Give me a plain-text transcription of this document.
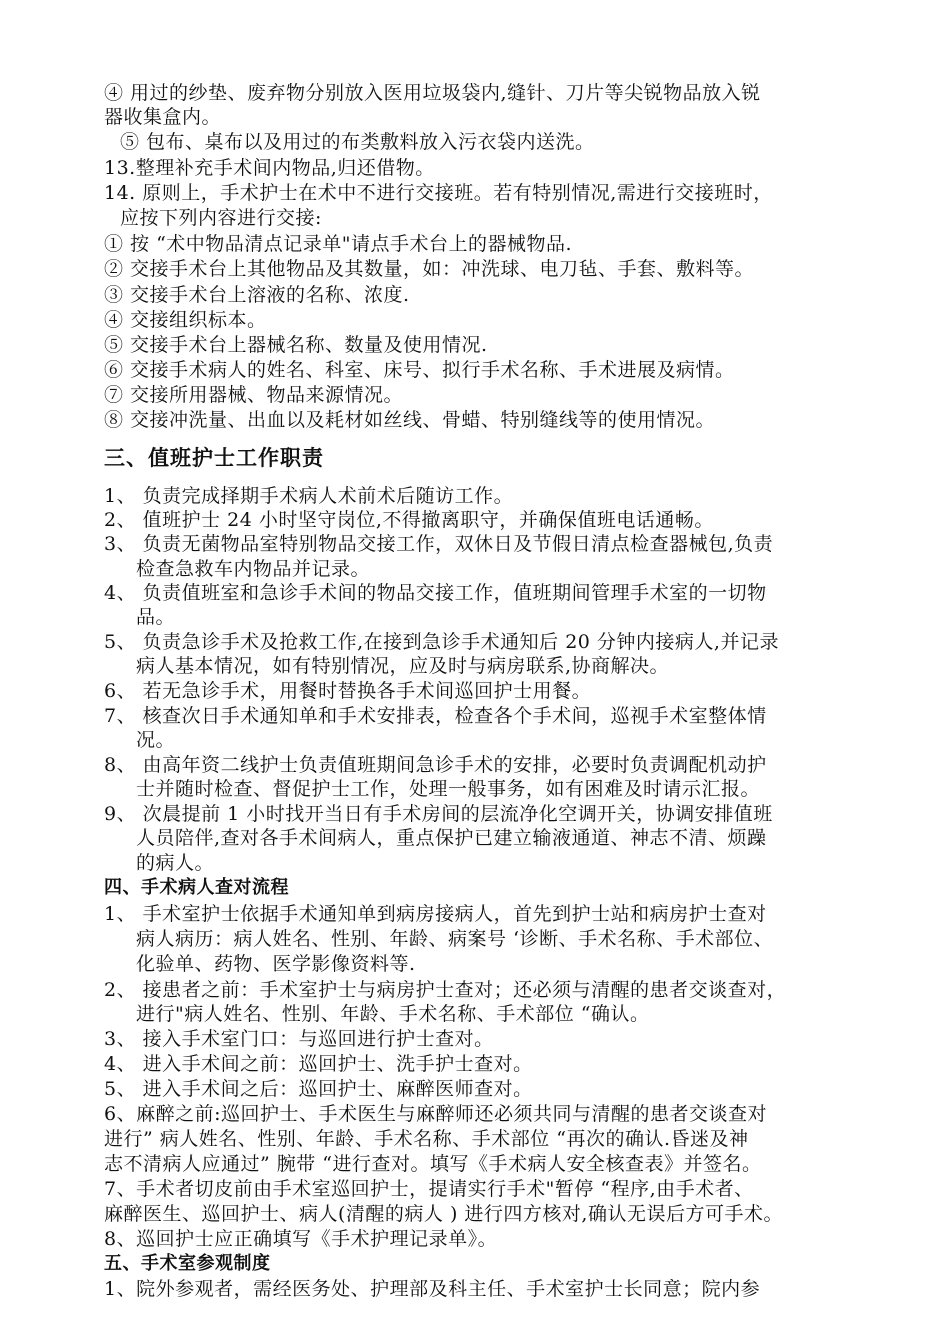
④ 用过的纱垫、废弃物分别放入医用垃圾袋内,缝针、刀片等尖锐物品放入锐
器收集盒内。
⑤ 包布、桌布以及用过的布类敷料放入污衣袋内送洗。
13.整理补充手术间内物品,归还借物。
14. 原则上，手术护士在术中不进行交接班。若有特别情况,需进行交接班时，
应按下列内容进行交接:
① 按 “术中物品清点记录单"请点手术台上的器械物品.
② 交接手术台上其他物品及其数量，如：冲洗球、电刀毡、手套、敷料等。
③ 交接手术台上溶液的名称、浓度.
④ 交接组织标本。
⑤ 交接手术台上器械名称、数量及使用情况.
⑥ 交接手术病人的姓名、科室、床号、拟行手术名称、手术进展及病情。
⑦ 交接所用器械、物品来源情况。
⑧ 交接冲洗量、出血以及耗材如丝线、骨蜡、特别缝线等的使用情况。
三、值班护士工作职责
1、 负责完成择期手术病人术前术后随访工作。
2、 值班护士 24 小时坚守岗位,不得撤离职守，并确保值班电话通畅。
3、 负责无菌物品室特别物品交接工作，双休日及节假日清点检查器械包,负责
检查急救车内物品并记录。
4、 负责值班室和急诊手术间的物品交接工作，值班期间管理手术室的一切物
品。
5、 负责急诊手术及抢救工作,在接到急诊手术通知后 20 分钟内接病人,并记录
病人基本情况，如有特别情况，应及时与病房联系,协商解决。
6、 若无急诊手术，用餐时替换各手术间巡回护士用餐。
7、 核查次日手术通知单和手术安排表，检查各个手术间，巡视手术室整体情
况。
8、 由高年资二线护士负责值班期间急诊手术的安排，必要时负责调配机动护
士并随时检查、督促护士工作，处理一般事务，如有困难及时请示汇报。
9、 次晨提前 1 小时找开当日有手术房间的层流净化空调开关，协调安排值班
人员陪伴,查对各手术间病人，重点保护已建立输液通道、神志不清、烦躁
的病人。
四、手术病人查对流程
1、 手术室护士依据手术通知单到病房接病人，首先到护士站和病房护士查对
病人病历：病人姓名、性别、年龄、病案号 ‘诊断、手术名称、手术部位、
化验单、药物、医学影像资料等.
2、 接患者之前：手术室护士与病房护士查对；还必须与清醒的患者交谈查对，
进行"病人姓名、性别、年龄、手术名称、手术部位 “确认。
3、 接入手术室门口：与巡回进行护士查对。
4、 进入手术间之前：巡回护士、洗手护士查对。
5、 进入手术间之后：巡回护士、麻醉医师查对。
6、麻醉之前:巡回护士、手术医生与麻醉师还必须共同与清醒的患者交谈查对
进行” 病人姓名、性别、年龄、手术名称、手术部位 “再次的确认.昏迷及神
志不清病人应通过” 腕带 “进行查对。填写《手术病人安全核查表》并签名。
7、手术者切皮前由手术室巡回护士，提请实行手术"暂停 “程序,由手术者、
麻醉医生、巡回护士、病人(清醒的病人 ) 进行四方核对,确认无误后方可手术。
8、巡回护士应正确填写《手术护理记录单》。
五、手术室参观制度
1、院外参观者，需经医务处、护理部及科主任、手术室护士长同意；院内参
